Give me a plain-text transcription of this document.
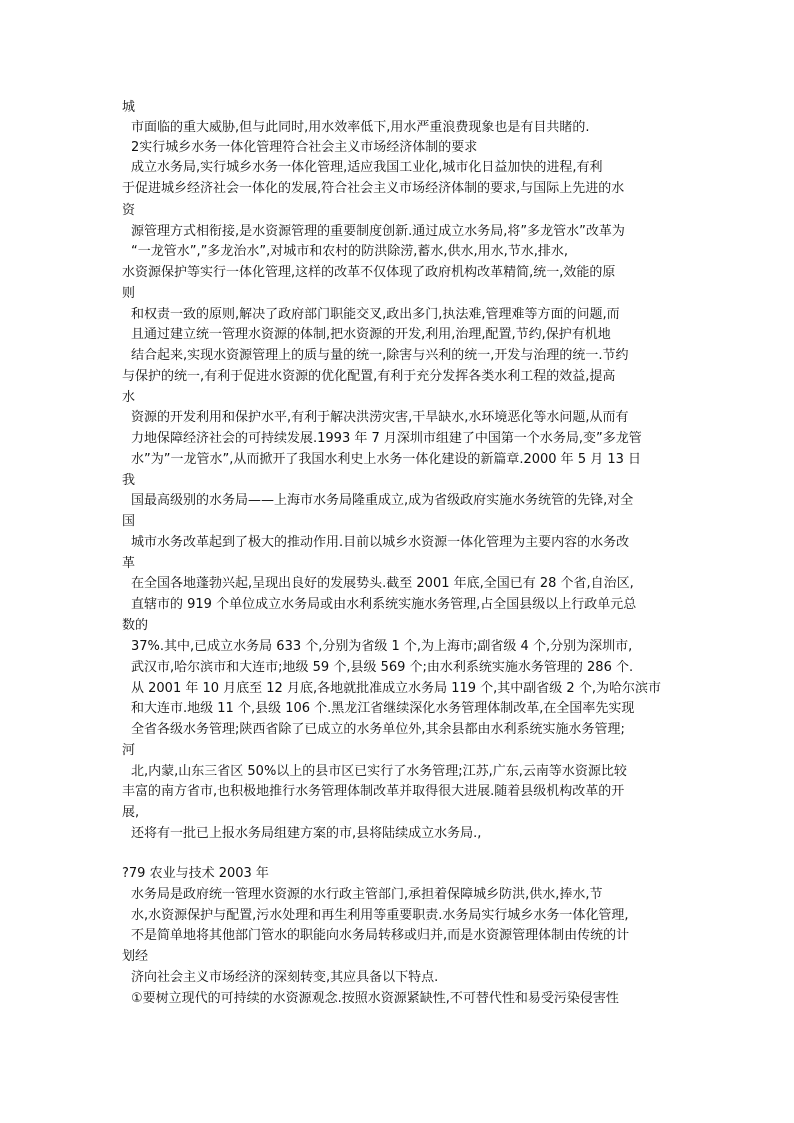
城
市面临的重大威胁,但与此同时,用水效率低下,用水严重浪费现象也是有目共睹的.
2实行城乡水务一体化管理符合社会主义市场经济体制的要求
成立水务局,实行城乡水务一体化管理,适应我国工业化,城市化日益加快的进程,有利
于促进城乡经济社会一体化的发展,符合社会主义市场经济体制的要求,与国际上先进的水
资
源管理方式相衔接,是水资源管理的重要制度创新.通过成立水务局,将”多龙管水”改革为
“一龙管水”,”多龙治水”,对城市和农村的防洪除涝,蓄水,供水,用水,节水,排水,
水资源保护等实行一体化管理,这样的改革不仅体现了政府机构改革精简,统一,效能的原
则
和权责一致的原则,解决了政府部门职能交叉,政出多门,执法难,管理难等方面的问题,而
且通过建立统一管理水资源的体制,把水资源的开发,利用,治理,配置,节约,保护有机地
结合起来,实现水资源管理上的质与量的统一,除害与兴利的统一,开发与治理的统一.节约
与保护的统一,有利于促进水资源的优化配置,有利于充分发挥各类水利工程的效益,提高
水
资源的开发利用和保护水平,有利于解决洪涝灾害,干旱缺水,水环境恶化等水问题,从而有
力地保障经济社会的可持续发展.1993 年 7 月深圳市组建了中国第一个水务局,变”多龙管
水”为”一龙管水”,从而掀开了我国水利史上水务一体化建设的新篇章.2000 年 5 月 13 日
我
国最高级别的水务局——上海市水务局隆重成立,成为省级政府实施水务统管的先锋,对全
国
城市水务改革起到了极大的推动作用.目前以城乡水资源一体化管理为主要内容的水务改
革
在全国各地蓬勃兴起,呈现出良好的发展势头.截至 2001 年底,全国已有 28 个省,自治区,
直辖市的 919 个单位成立水务局或由水利系统实施水务管理,占全国县级以上行政单元总
数的
37%.其中,已成立水务局 633 个,分别为省级 1 个,为上海市;副省级 4 个,分别为深圳市,
武汉市,哈尔滨市和大连市;地级 59 个,县级 569 个;由水利系统实施水务管理的 286 个.
从 2001 年 10 月底至 12 月底,各地就批准成立水务局 119 个,其中副省级 2 个,为哈尔滨市
和大连市.地级 11 个,县级 106 个.黑龙江省继续深化水务管理体制改革,在全国率先实现
全省各级水务管理;陕西省除了已成立的水务单位外,其余县都由水利系统实施水务管理;
河
北,内蒙,山东三省区 50%以上的县市区已实行了水务管理;江苏,广东,云南等水资源比较
丰富的南方省市,也积极地推行水务管理体制改革并取得很大进展.随着县级机构改革的开
展,
还将有一批已上报水务局组建方案的市,县将陆续成立水务局.,
?79 农业与技术 2003 年
水务局是政府统一管理水资源的水行政主管部门,承担着保障城乡防洪,供水,捧水,节
水,水资源保护与配置,污水处理和再生利用等重要职责.水务局实行城乡水务一体化管理,
不是简单地将其他部门管水的职能向水务局转移或归并,而是水资源管理体制由传统的计
划经
济向社会主义市场经济的深刻转变,其应具备以下特点.
①要树立现代的可持续的水资源观念.按照水资源紧缺性,不可替代性和易受污染侵害性
